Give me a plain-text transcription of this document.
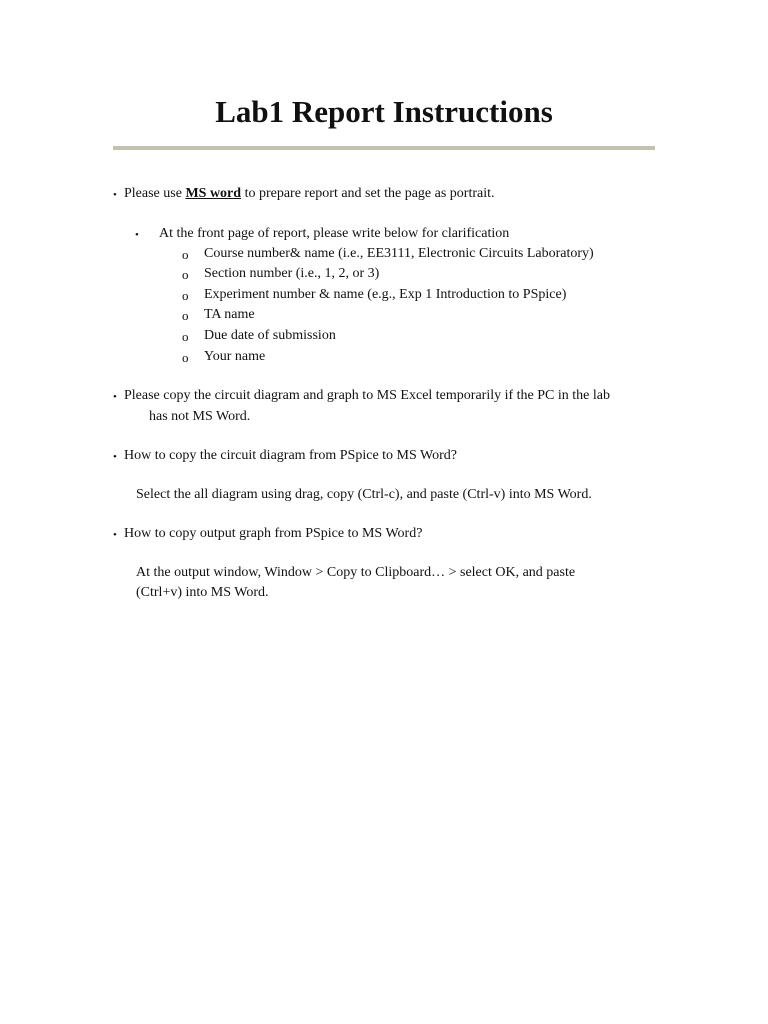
Lab1 Report Instructions
• Please use MS word to prepare report and set the page as portrait.

• At the front page of report, please write below for clarification

o Course number& name (i.e., EE3111, Electronic Circuits Laboratory)

o Section number (i.e., 1, 2, or 3)

o Experiment number & name (e.g., Exp 1 Introduction to PSpice)

o TA name

o Due date of submission

o Your name

• Please copy the circuit diagram and graph to MS Excel temporarily if the PC in the lab

has not MS Word.

• How to copy the circuit diagram from PSpice to MS Word?

Select the all diagram using drag, copy (Ctrl-c), and paste (Ctrl-v) into MS Word.

• How to copy output graph from PSpice to MS Word?

At the output window, Window > Copy to Clipboard… > select OK, and paste

(Ctrl+v) into MS Word.
